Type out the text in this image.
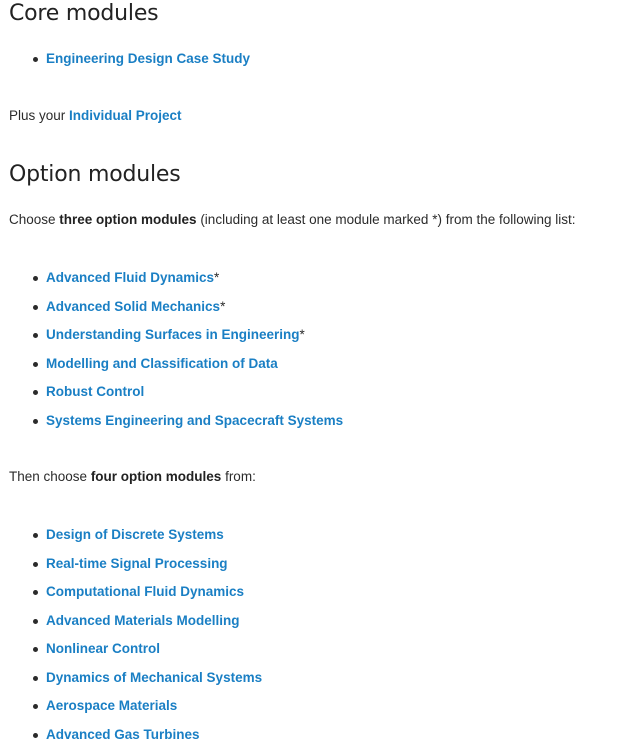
Core modules
Engineering Design Case Study

Plus your Individual Project

Option modules

Choose three option modules (including at least one module marked *) from the following list:

Advanced Fluid Dynamics*
Advanced Solid Mechanics*
Understanding Surfaces in Engineering*
Modelling and Classification of Data
Robust Control
Systems Engineering and Spacecraft Systems

Then choose four option modules from:

Design of Discrete Systems
Real-time Signal Processing
Computational Fluid Dynamics
Advanced Materials Modelling
Nonlinear Control
Dynamics of Mechanical Systems
Aerospace Materials
Advanced Gas Turbines
